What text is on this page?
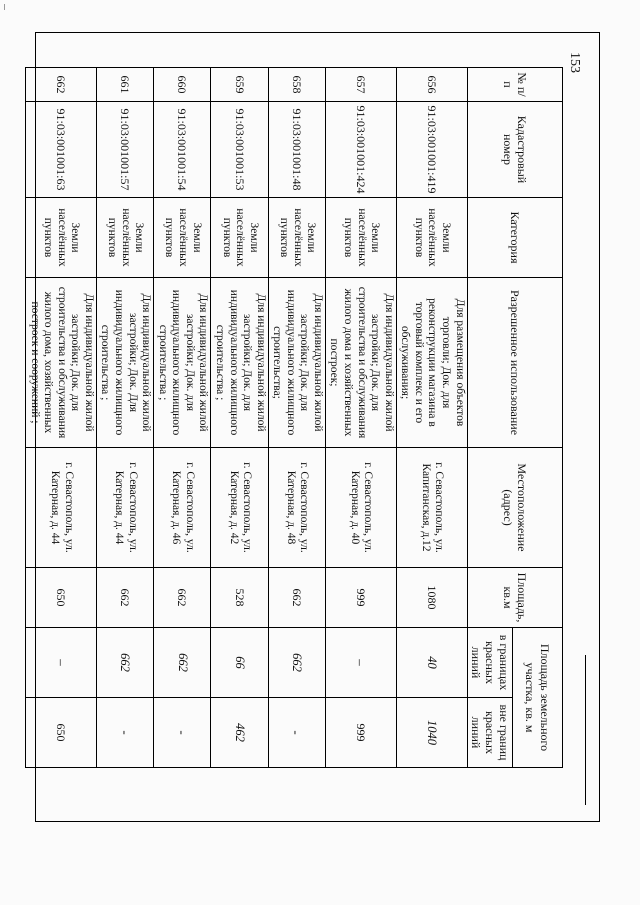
153
№ п/п	Кадастровый номер	Категория	Разрешенное использование	Местоположение (адрес)	Площадь, кв.м	Площадь земельного участка, кв. м	
						в границах красных линий	вне границ красных линий
656	91:03:001001:419	Земли населённых пунктов	Для размещения объектов торговли; Док. для реконструкции магазина в торговый комплекс и его обслуживания;	г. Севастополь, ул. Капитанская, д.12	1080	40	1040
657	91:03:001001:424	Земли населённых пунктов	Для индивидуальной жилой застройки; Док. для строительства и обслуживания жилого дома и хозяйственных построек;	г. Севастополь, ул. Катерная, д. 40	999	–	999
658	91:03:001001:48	Земли населённых пунктов	Для индивидуальной жилой застройки; Док. для индивидуального жилищного строительства;	г. Севастополь, ул. Катерная, д. 48	662	662	-
659	91:03:001001:53	Земли населённых пунктов	Для индивидуальной жилой застройки; Док. для индивидуального жилищного строительства ;	г. Севастополь, ул. Катерная, д. 42	528	66	462
660	91:03:001001:54	Земли населённых пунктов	Для индивидуальной жилой застройки; Док. для индивидуального жилищного строительства ;	г. Севастополь, ул. Катерная, д. 46	662	662	-
661	91:03:001001:57	Земли населённых пунктов	Для индивидуальной жилой застройки; Док. Для индивидуального жилищного строительства ;	г. Севастополь, ул. Катерная, д. 44	662	662	-
662	91:03:001001:63	Земли населённых пунктов	Для индивидуальной жилой застройки; Док. для строительства и обслуживания жилого дома, хозяйственных построек и сооружений ;	г. Севастополь, ул. Катерная, д. 44	650	–	650
